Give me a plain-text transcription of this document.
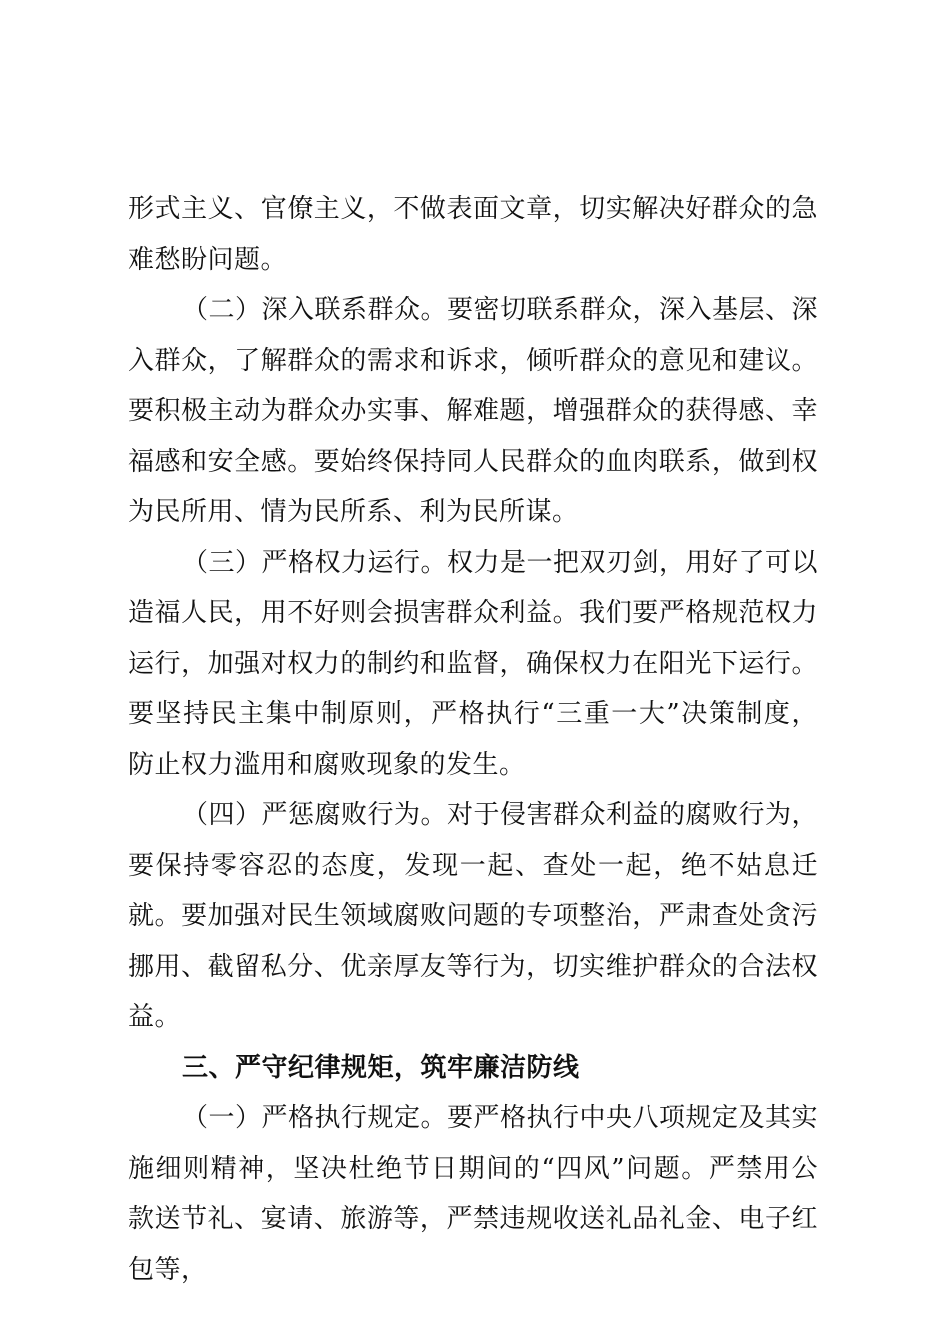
形式主义、官僚主义，不做表面文章，切实解决好群众的急难愁盼问题。

（二）深入联系群众。要密切联系群众，深入基层、深入群众，了解群众的需求和诉求，倾听群众的意见和建议。要积极主动为群众办实事、解难题，增强群众的获得感、幸福感和安全感。要始终保持同人民群众的血肉联系，做到权为民所用、情为民所系、利为民所谋。

（三）严格权力运行。权力是一把双刃剑，用好了可以造福人民，用不好则会损害群众利益。我们要严格规范权力运行，加强对权力的制约和监督，确保权力在阳光下运行。要坚持民主集中制原则，严格执行“三重一大”决策制度，防止权力滥用和腐败现象的发生。

（四）严惩腐败行为。对于侵害群众利益的腐败行为，要保持零容忍的态度，发现一起、查处一起，绝不姑息迁就。要加强对民生领域腐败问题的专项整治，严肃查处贪污挪用、截留私分、优亲厚友等行为，切实维护群众的合法权益。

三、严守纪律规矩，筑牢廉洁防线

（一）严格执行规定。要严格执行中央八项规定及其实施细则精神，坚决杜绝节日期间的“四风”问题。严禁用公款送节礼、宴请、旅游等，严禁违规收送礼品礼金、电子红包等，
